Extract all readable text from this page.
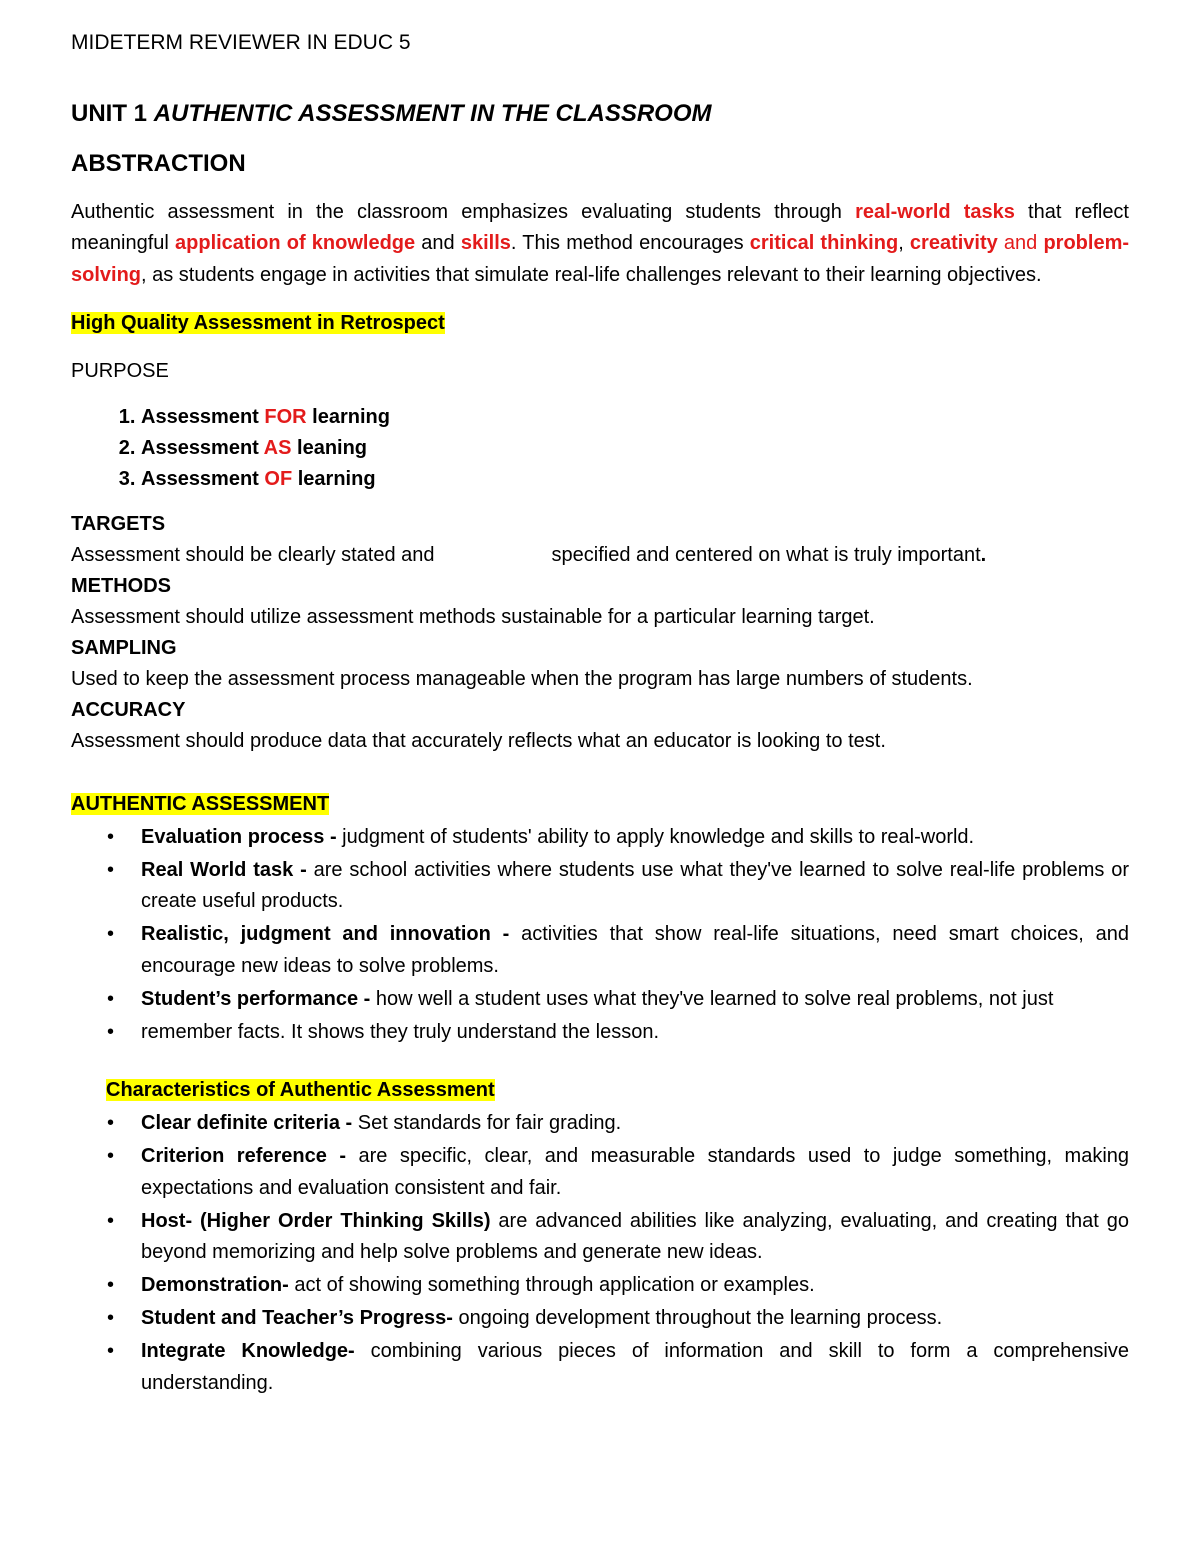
MIDETERM REVIEWER IN EDUC 5

UNIT 1 AUTHENTIC ASSESSMENT IN THE CLASSROOM

ABSTRACTION

Authentic assessment in the classroom emphasizes evaluating students through real-world tasks that reflect meaningful application of knowledge and skills. This method encourages critical thinking, creativity and problem-solving, as students engage in activities that simulate real-life challenges relevant to their learning objectives.

High Quality Assessment in Retrospect

PURPOSE

1. Assessment FOR learning
2. Assessment AS leaning
3. Assessment OF learning

TARGETS

Assessment should be clearly stated and	specified and centered on what is truly important.

METHODS

Assessment should utilize assessment methods sustainable for a particular learning target.

SAMPLING

Used to keep the assessment process manageable when the program has large numbers of students.

ACCURACY

Assessment should produce data that accurately reflects what an educator is looking to test.

AUTHENTIC ASSESSMENT

• Evaluation process - judgment of students' ability to apply knowledge and skills to real-world.
• Real World task - are school activities where students use what they've learned to solve real-life problems or create useful products.
• Realistic, judgment and innovation - activities that show real-life situations, need smart choices, and encourage new ideas to solve problems.
• Student’s performance - how well a student uses what they've learned to solve real problems, not just
• remember facts. It shows they truly understand the lesson.

Characteristics of Authentic Assessment

• Clear definite criteria - Set standards for fair grading.
• Criterion reference - are specific, clear, and measurable standards used to judge something, making expectations and evaluation consistent and fair.
• Host- (Higher Order Thinking Skills) are advanced abilities like analyzing, evaluating, and creating that go beyond memorizing and help solve problems and generate new ideas.
• Demonstration- act of showing something through application or examples.
• Student and Teacher’s Progress- ongoing development throughout the learning process.
• Integrate Knowledge- combining various pieces of information and skill to form a comprehensive understanding.
